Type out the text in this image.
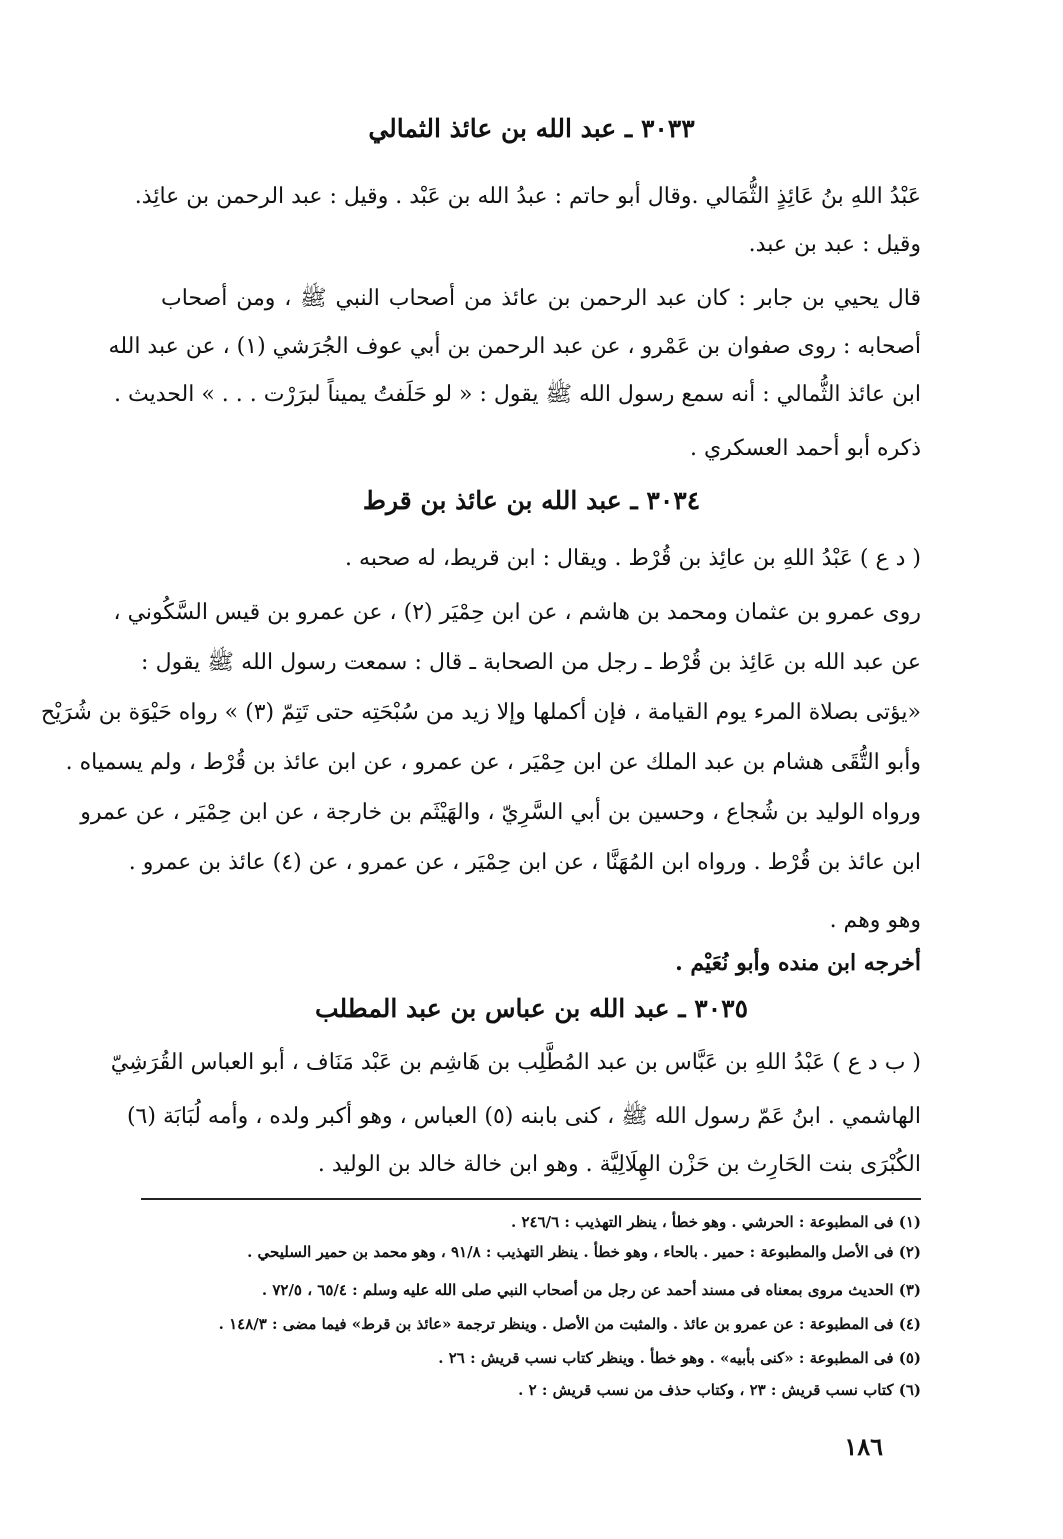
٣٠٣٣ ـ عبد الله بن عائذ الثمالي
عَبْدُ اللهِ بنُ عَائِذٍ الثُّمَالي .وقال أبو حاتم : عبدُ الله بن عَبْد . وقيل : عبد الرحمن بن عائِذ.
وقيل : عبد بن عبد.
قال يحيي بن جابر : كان عبد الرحمن بن عائذ من أصحاب النبي ﷺ ، ومن أصحاب
أصحابه : روى صفوان بن عَمْرو ، عن عبد الرحمن بن أبي عوف الجُرَشي (١) ، عن عبد الله
ابن عائذ الثُّمالي : أنه سمع رسول الله ﷺ يقول : « لو حَلَفتُ يميناً لبرَرْت . . . » الحديث .
ذكره أبو أحمد العسكري .
٣٠٣٤ ـ عبد الله بن عائذ بن قرط
( د ع ) عَبْدُ اللهِ بن عائِذ بن قُرْط . ويقال : ابن قريط، له صحبه .
روى عمرو بن عثمان ومحمد بن هاشم ، عن ابن حِمْيَر (٢) ، عن عمرو بن قيس السَّكُوني ،
عن عبد الله بن عَائِذ بن قُرْط ـ رجل من الصحابة ـ قال : سمعت رسول الله ﷺ يقول :
«يؤتى بصلاة المرء يوم القيامة ، فإن أكملها وإلا زيد من سُبْحَتِه حتى تَتِمّ (٣) » رواه حَيْوَة بن شُرَيْح
وأبو التُّقَى هشام بن عبد الملك عن ابن حِمْيَر ، عن عمرو ، عن ابن عائذ بن قُرْط ، ولم يسمياه .
ورواه الوليد بن شُجاع ، وحسين بن أبي السَّرِيّ ، والهَيْثَم بن خارجة ، عن ابن حِمْيَر ، عن عمرو
ابن عائذ بن قُرْط . ورواه ابن المُهَنَّا ، عن ابن حِمْيَر ، عن عمرو ، عن (٤) عائذ بن عمرو .
وهو وهم .
أخرجه ابن منده وأبو نُعَيْم .
٣٠٣٥ ـ عبد الله بن عباس بن عبد المطلب
( ب د ع ) عَبْدُ اللهِ بن عَبَّاس بن عبد المُطَّلِب بن هَاشِم بن عَبْد مَنَاف ، أبو العباس القُرَشِيّ
الهاشمي . ابنُ عَمّ رسول الله ﷺ ، كنى بابنه (٥) العباس ، وهو أكبر ولده ، وأمه لُبَابَة (٦)
الكُبْرَى بنت الحَارِث بن حَزْن الهِلَالِيَّة . وهو ابن خالة خالد بن الوليد .
(١) فى المطبوعة : الحرشي . وهو خطأ ، ينظر التهذيب : ٢٤٦/٦ .
(٢) فى الأصل والمطبوعة : حمير . بالحاء ، وهو خطأ . ينظر التهذيب : ٩١/٨ ، وهو محمد بن حمير السليحي .
(٣) الحديث مروى بمعناه فى مسند أحمد عن رجل من أصحاب النبي صلى الله عليه وسلم : ٦٥/٤ ، ٧٢/٥ .
(٤) فى المطبوعة : عن عمرو بن عائذ . والمثبت من الأصل . وينظر ترجمة «عائذ بن قرط» فيما مضى : ١٤٨/٣ .
(٥) فى المطبوعة : «كنى بأبيه» . وهو خطأ . وينظر كتاب نسب قريش : ٢٦ .
(٦) كتاب نسب قريش : ٢٣ ، وكتاب حذف من نسب قريش : ٢ .
١٨٦
